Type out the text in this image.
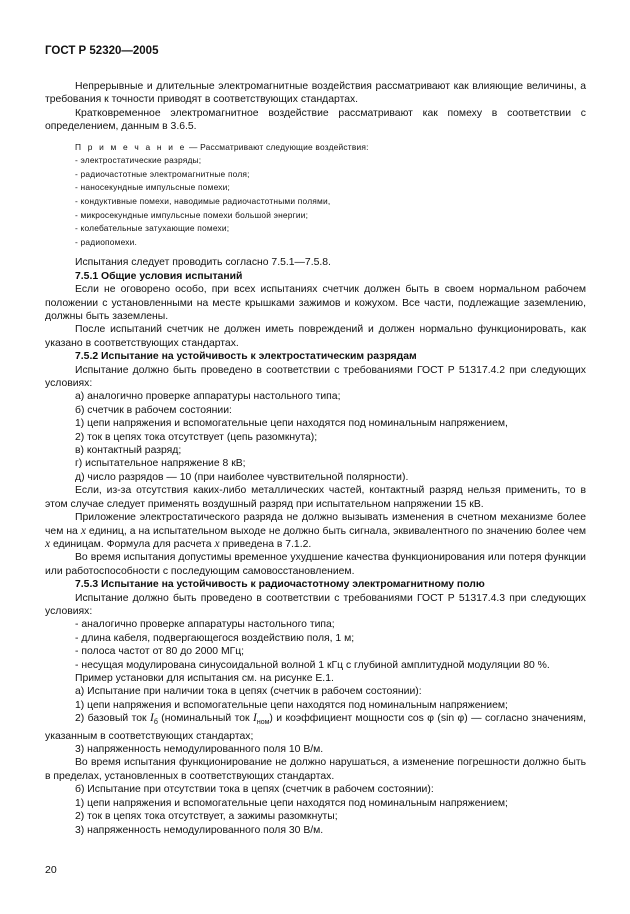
ГОСТ Р 52320—2005

Непрерывные и длительные электромагнитные воздействия рассматривают как влияющие величины, а требования к точности приводят в соответствующих стандартах.

Кратковременное электромагнитное воздействие рассматривают как помеху в соответствии с определением, данным в 3.6.5.

П р и м е ч а н и е — Рассматривают следующие воздействия:

- электростатические разряды;

- радиочастотные электромагнитные поля;

- наносекундные импульсные помехи;

- кондуктивные помехи, наводимые радиочастотными полями,

- микросекундные импульсные помехи большой энергии;

- колебательные затухающие помехи;

- радиопомехи.

Испытания следует проводить согласно 7.5.1—7.5.8.

7.5.1 Общие условия испытаний

Если не оговорено особо, при всех испытаниях счетчик должен быть в своем нормальном рабочем положении с установленными на месте крышками зажимов и кожухом. Все части, подлежащие заземлению, должны быть заземлены.

После испытаний счетчик не должен иметь повреждений и должен нормально функционировать, как указано в соответствующих стандартах.

7.5.2 Испытание на устойчивость к электростатическим разрядам

Испытание должно быть проведено в соответствии с требованиями ГОСТ Р 51317.4.2 при следующих условиях:

а) аналогично проверке аппаратуры настольного типа;

б) счетчик в рабочем состоянии:

1) цепи напряжения и вспомогательные цепи находятся под номинальным напряжением,

2) ток в цепях тока отсутствует (цепь разомкнута);

в) контактный разряд;

г) испытательное напряжение 8 кВ;

д) число разрядов — 10 (при наиболее чувствительной полярности).

Если, из-за отсутствия каких-либо металлических частей, контактный разряд нельзя применить, то в этом случае следует применять воздушный разряд при испытательном напряжении 15 кВ.

Приложение электростатического разряда не должно вызывать изменения в счетном механизме более чем на x единиц, а на испытательном выходе не должно быть сигнала, эквивалентного по значению более чем x единицам. Формула для расчета x приведена в 7.1.2.

Во время испытания допустимы временное ухудшение качества функционирования или потеря функции или работоспособности с последующим самовосстановлением.

7.5.3 Испытание на устойчивость к радиочастотному электромагнитному полю

Испытание должно быть проведено в соответствии с требованиями ГОСТ Р 51317.4.3 при следующих условиях:

- аналогично проверке аппаратуры настольного типа;

- длина кабеля, подвергающегося воздействию поля, 1 м;

- полоса частот от 80 до 2000 МГц;

- несущая модулирована синусоидальной волной 1 кГц с глубиной амплитудной модуляции 80 %.

Пример установки для испытания см. на рисунке Е.1.

а) Испытание при наличии тока в цепях (счетчик в рабочем состоянии):

1) цепи напряжения и вспомогательные цепи находятся под номинальным напряжением;

2) базовый ток $I_б$ (номинальный ток $I_{ном}$) и коэффициент мощности cos φ (sin φ) — согласно значениям, указанным в соответствующих стандартах;

3) напряженность немодулированного поля 10 В/м.

Во время испытания функционирование не должно нарушаться, а изменение погрешности должно быть в пределах, установленных в соответствующих стандартах.

б) Испытание при отсутствии тока в цепях (счетчик в рабочем состоянии):

1) цепи напряжения и вспомогательные цепи находятся под номинальным напряжением;

2) ток в цепях тока отсутствует, а зажимы разомкнуты;

3) напряженность немодулированного поля 30 В/м.

20
